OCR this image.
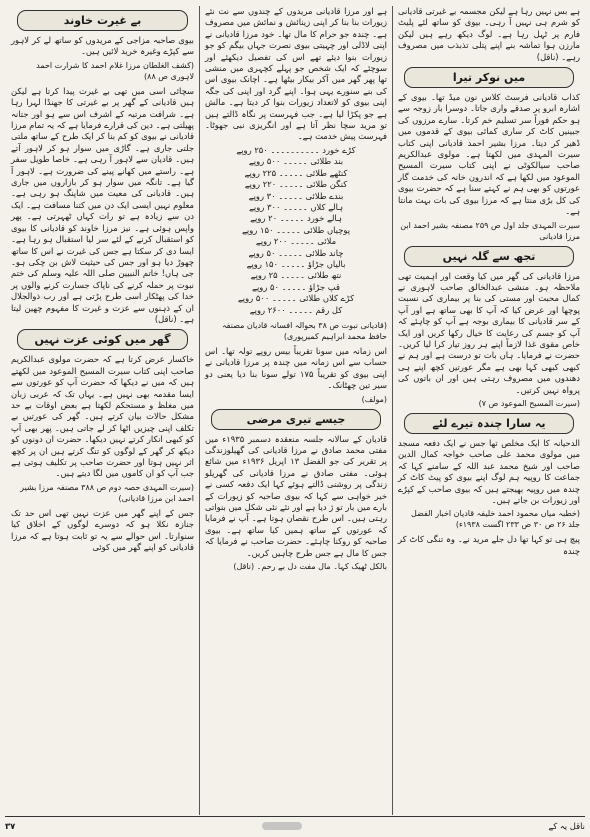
ہے بس نہیں رہا ہے لیکن مجسمہ بے غیرتی قادیانی کو شرم ہی نہیں آ رہی۔ بیوی کو ساتھ لئے پلیٹ فارم پر ٹہل رہا ہے۔ لوگ دیکھ رہے ہیں لیکن مارزن ہوا تماشہ بنے اپنے پتلی تذبذب میں مصروف رہے۔ (ناقل)

میں نوکر تیرا

کذاب قادیانی فرسٹ کلاس نون میڈ تھا۔ بیوی کے اشارہ ابرو پر صدقے واری جاتا۔ دوسرا بار زوجہ سے ہو حکم فوراً سر تسلیم خم کرتا۔ سارے مرزوں کی جبینیں کاٹ کر ساری کمائی بیوی کے قدموں میں ڈھیر کر دیتا۔ مرزا بشیر احمد قادیانی اپنی کتاب سیرت المہدی میں لکھتا ہے۔ مولوی عبدالکریم صاحب سیالکوٹی نے اپنی کتاب سیرت المسیح الموعود میں لکھا ہے کہ اندرون خانہ کی خدمت گار عورتوں کو بھی ہم نے کہتے سنا ہے کہ حضرت بیوی کی کل بڑی منتا ہے کہ مرزا بیوی کی بات بہت مانتا ہے۔

سیرت المہدی جلد اول ص ۲۵۹ مصنفہ بشیر احمد ابن مرزا قادیانی

تجھ سے گلہ نہیں

مرزا قادیانی کی گھر میں کیا وقعت اور اہمیت تھی ملاحظہ ہو۔ منشی عبدالخالق صاحب لاہوری نے کمال محبت اور مستی کی بنا پر بیماری کی نسبت پوچھا اور عرض کیا کہ آپ کا بھی ساتھ ہے اور آپ کے سر قادیانی کا بیماری بوجہ ہے آپ کو چاہئے کہ آپ کو جسم کی رعایت کا خیال رکھا کریں اور ایک خاص مقوی غذا لازماً اپنے ہر روز تیار کرا لیا کریں۔ حضرت نے فرمایا۔ ہاں بات تو درست ہے اور ہم نے کبھی کبھی کہا بھی ہے مگر عورتیں کچھ اپنے ہی دھندوں میں مصروف رہتی ہیں اور ان باتوں کی پرواہ نہیں کرتیں۔

(سیرت المسیح الموعود ص ۷)

یہ سارا چندہ تیرے لئے

الدحیانہ کا ایک مخلص تھا جس نے ایک دفعہ مسجد میں مولوی محمد علی صاحب خواجہ کمال الدین صاحب اور شیخ محمد عبد اللہ کے سامنے کہا کہ جماعت کا روپیہ ہم لوگ اپنے بیوی کو پیٹ کاٹ کر چندہ میں روپیہ بھیجتے ہیں کہ بیوی صاحب کے کپڑے اور زیورات بن جاتے ہیں۔

(خطبہ میاں محمود احمد خلیفہ قادیان اخبار الفضل جلد ۲۶ ص ۳۰ ص ۲۳۳ اگست ۱۹۳۸ء)

پیچ ہی تو کہا تھا دل جلے مرید نے۔ وہ تنگی کاٹ کر چندہ

ہے اور مرزا قادیانی مریدوں کے چندوں سے نت نئے زیورات بنا بنا کر اپنی زینائش و نمائش میں مصروف ہے۔ چندہ جو حرام کا مال تھا۔ خود مرزا قادیانی نے اپنی لاڈلی اور چہیتی بیوی نصرت جہاں بیگم کو جو زیورات بنوا دیئے تھے اس کی تفصیل دیکھئے اور سوچئے کہ ایک شخص جو پہلے کچہری میں منشی تھا پھر گھر میں آکر بیکار بیٹھا ہے۔ اچانک بیوی اس کی بنے سنورے یہی ہوا۔ اپنے گرد اور اپنی کی جگہ اپنی بیوی کو لاتعداد زیورات بنوا کر دیتا ہے۔ مالش ہے جو پکڑا لیا ہے۔ جب فہرست پر نگاہ ڈالتے ہیں تو مرید سچا نظر آتا ہے اور انگریزی نبی جھوٹا۔ فہرست پیش خدمت ہے۔

کڑے خورد ۔۔۔۔۔۔۔۔۔۔ ۲۵۰ روپے
بند طلائی ۔۔۔۔۔ ۵۰۰ روپے
کنٹھے طلائی ۔۔۔۔۔ ۲۲۵ روپے
کنگن طلائی ۔۔۔۔۔ ۲۲۰ روپے
بندے طلائی ۔۔۔۔۔ ۳۰ روپے
ہالے کلاں ۔۔۔۔۔ ۳۰۰ روپے
ہالے خورد ۔۔۔۔۔ ۲۰ روپے
پوچیاں طلائی ۔۔۔۔۔ ۱۵۰ روپے
ملائی ۔۔۔۔۔ ۲۰۰ روپے
چاند طلائی ۔۔۔۔۔ ۵۰ روپے
بالیاں جڑاؤ ۔۔۔۔۔ ۱۵۰ روپے
نتھ طلائی ۔۔۔۔۔ ۲۵ روپے
قپ جڑاؤ ۔۔۔۔۔ ۵۰ روپے
کڑے کلاں طلائی ۔۔۔۔۔ ۵۰۰ روپے
کل رقم ۔۔۔۔۔ ۲۶۰۰ روپے

(قادیانی نبوت ص ۳۸ بحوالہ افسانہ قادیان مصنفہ حافظ محمد ابراہیم کمیرپوری)

اس زمانہ میں سونا تقریباً بیس روپے تولہ تھا۔ اس حساب سے اس زمانہ میں چندہ پر مرزا قادیانی نے اپنی بیوی کو تقریباً ۱۷۵ تولے سونا بنا دیا یعنی دو سیر تین چھٹانک۔

(مولف)

جیسے تیری مرضی

قادیان کے سالانہ جلسہ منعقدہ دسمبر ۱۹۳۵ء میں مفتی محمد صادق نے مرزا قادیانی کی گھیلوزندگی پر تقریر کی جو الفضل ۱۳ اپریل ۱۹۳۶ء میں شائع ہوئی۔ مفتی صادق نے مرزا قادیانی کی گھریلو زندگی پر روشنی ڈالتے ہوئے کہا ایک دفعہ کسی نے خیر خواہی سے کہا کہ بیوی صاحبہ کو زیورات کے بارے میں بار تو ژ دیا ہے اور نئے نئی شکل میں بنواتی رہتی ہیں۔ اس طرح نقصان ہوتا ہے۔ آپ نے فرمایا کہ عورتوں کے ساتھ ہمیں کیا ساتھ ہے۔ بیوی صاحبہ کو روکنا چاہئے۔ حضرت صاحب نے فرمایا کہ جس کا مال ہے جس طرح چاہیں کریں۔

بالکل ٹھیک کہا۔ مال مفت دل بے رحم۔ (ناقل)

بے غیرت خاوند

بیوی صاحبہ مزاجی کے مریدوں کو ساتھ لے کر لاہور سے کپڑے وغیرہ خرید لائیں ہیں۔

(کشف الغلطان مرزا غلام احمد کا شرارت احمد لاہوری ص ۸۸)

سچائی اسی میں تھی بے غیرت پیدا کرتا ہے لیکن ہیں قادیانی کے گھر پر بے غیرتی کا جھنڈا لہرا رہا ہے۔ شرافت مرتبہ کے اشرف اس سے ہو اور جتانہ پھیلتی ہے۔ دین کی قرارے فرمایا ہے کہ یہ تمام مرزا قادیانی نے بیوی کو کم بنا کر ایک طرح کے ساتھ ملتی جلتی جاری ہے۔ گاڑی میں سوار ہو کر لاہور آتے ہیں۔ قادیان سے لاہور آ رہی ہے۔ خاصا طویل سفر ہے۔ راستے میں کھانے پینے کی ضرورت ہے۔ لاہور آ گیا ہے۔ تانگہ میں سوار ہو کر بازاروں میں جاری ہیں۔ قادیانی کی معیت میں شاپنگ ہو رہی ہے۔ معلوم نہیں ایسی ایک دن میں کتنا مسافت ہے۔ ایک دن سے زیادہ ہے تو رات کہاں ٹھہرتی ہے۔ پھر واپس ہوئی ہے۔ نیز مرزا خاوند کو قادیانی کا بیوی کو استقبال کرنے کے لئے سر لیا استقبال ہو رہا ہے۔ ایسا دی کر سکتا ہے جس کی غیرت نے اس کا ساتھ چھوڑ دیا ہو اور جس کی حیثیت لاش بن چکی ہو۔ جی ہاں! خاتم النبیین صلی اللہ علیہ وسلم کی ختم نبوت پر حملہ کرنے کی ناپاک جسارت کرنے والوں پر خدا کی پھٹکار اسی طرح پڑتی ہے اور رب ذوالجلال ان کے ذہنوں سے عزت و غیرت کا مفہوم چھین لیتا ہے۔ (ناقل)

گھر میں کوئی عزت نہیں

خاکسار عرض کرتا ہے کہ حضرت مولوی عبدالکریم صاحب اپنی کتاب سیرت المسیح الموعود میں لکھتے ہیں کہ میں نے دیکھا کہ حضرت آپ کو عورتوں سے ایسا مقدمہ بھی نہیں ہے۔ یہاں تک کہ عربی زبان میں مغلظ و مستحکم لکھتا ہے بعض اوقات بے حد مشکل حالات بیان کرتے ہیں۔ گھر کی عورتیں بے تکلف اپنی چیزیں اٹھا کر لے جاتی ہیں۔ پھر بھی آپ کو کبھی انکار کرتے نہیں دیکھا۔ حضرت ان دونوں کو دیکھ کر گھر کے لوگوں کو تنگ کرتے ہیں ان پر کچھ اثر نہیں ہوتا اور حضرت صاحب پر تکلیف ہوتی ہے جب آپ کو ان کاموں میں لگا دیتے ہیں۔

(سیرت المہدی حصہ دوم ص ۳۸۸ مصنفہ مرزا بشیر احمد ابن مرزا قادیانی)

جس کے اپنے گھر میں عزت نہیں تھی اس حد تک جنازہ نکلا ہو کہ دوسرے لوگوں کے اخلاق کیا سنوارتا۔ اس حوالے سے یہ تو ثابت ہوتا ہے کہ مرزا قادیانی کو اپنے گھر میں کوئی

ناقل یہ کے
۳۷
